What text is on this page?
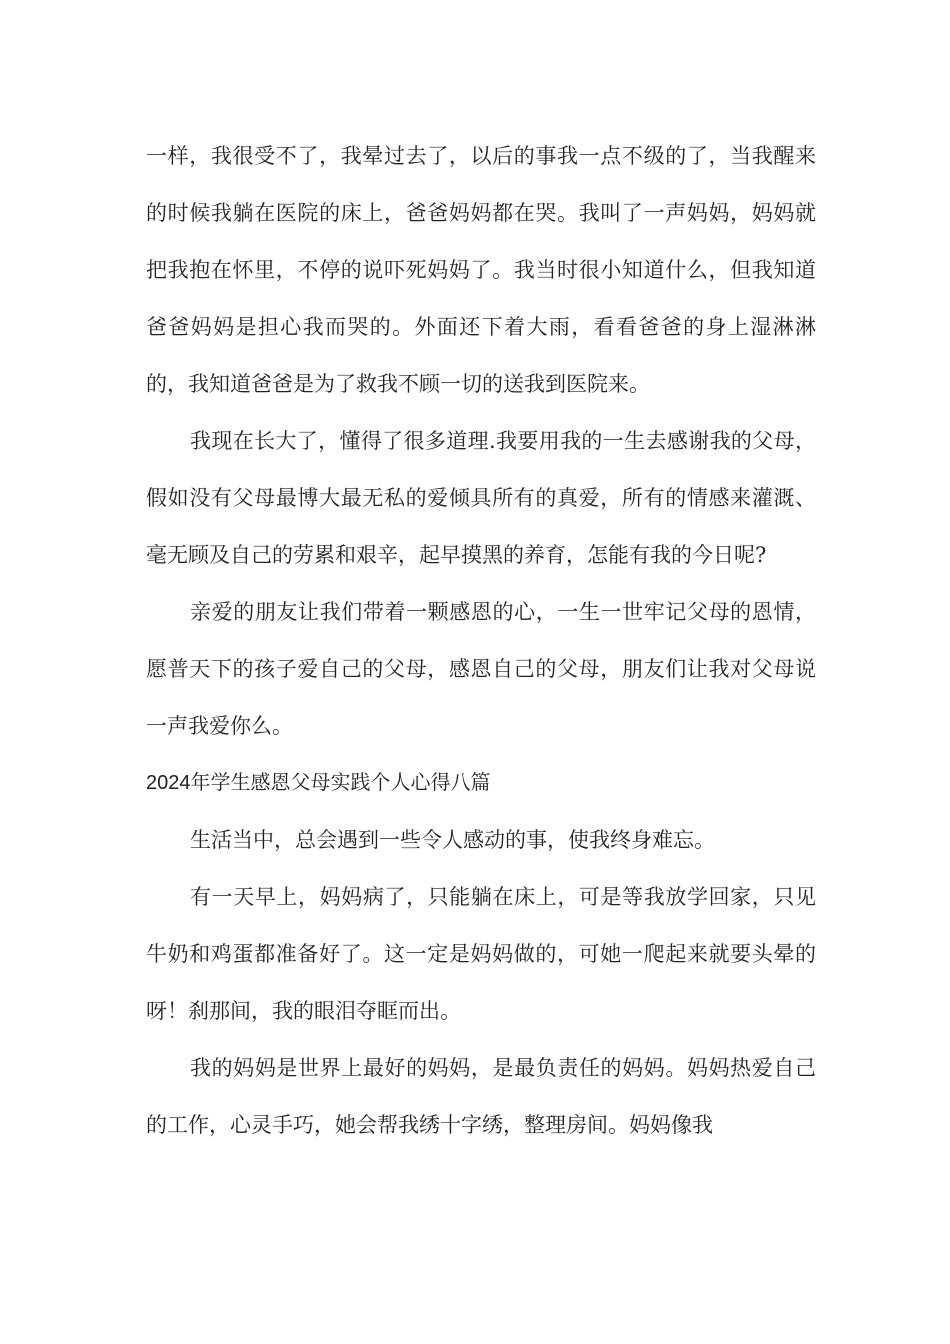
一样，我很受不了，我晕过去了，以后的事我一点不级的了，当我醒来的时候我躺在医院的床上，爸爸妈妈都在哭。我叫了一声妈妈，妈妈就把我抱在怀里，不停的说吓死妈妈了。我当时很小知道什么，但我知道爸爸妈妈是担心我而哭的。外面还下着大雨，看看爸爸的身上湿淋淋的，我知道爸爸是为了救我不顾一切的送我到医院来。

我现在长大了，懂得了很多道理.我要用我的一生去感谢我的父母，假如没有父母最博大最无私的爱倾具所有的真爱，所有的情感来灌溉、毫无顾及自己的劳累和艰辛，起早摸黑的养育，怎能有我的今日呢?

亲爱的朋友让我们带着一颗感恩的心，一生一世牢记父母的恩情，愿普天下的孩子爱自己的父母，感恩自己的父母，朋友们让我对父母说一声我爱你么。

2024年学生感恩父母实践个人心得八篇

生活当中，总会遇到一些令人感动的事，使我终身难忘。

有一天早上，妈妈病了，只能躺在床上，可是等我放学回家，只见牛奶和鸡蛋都准备好了。这一定是妈妈做的，可她一爬起来就要头晕的呀！刹那间，我的眼泪夺眶而出。

我的妈妈是世界上最好的妈妈，是最负责任的妈妈。妈妈热爱自己的工作，心灵手巧，她会帮我绣十字绣，整理房间。妈妈像我
